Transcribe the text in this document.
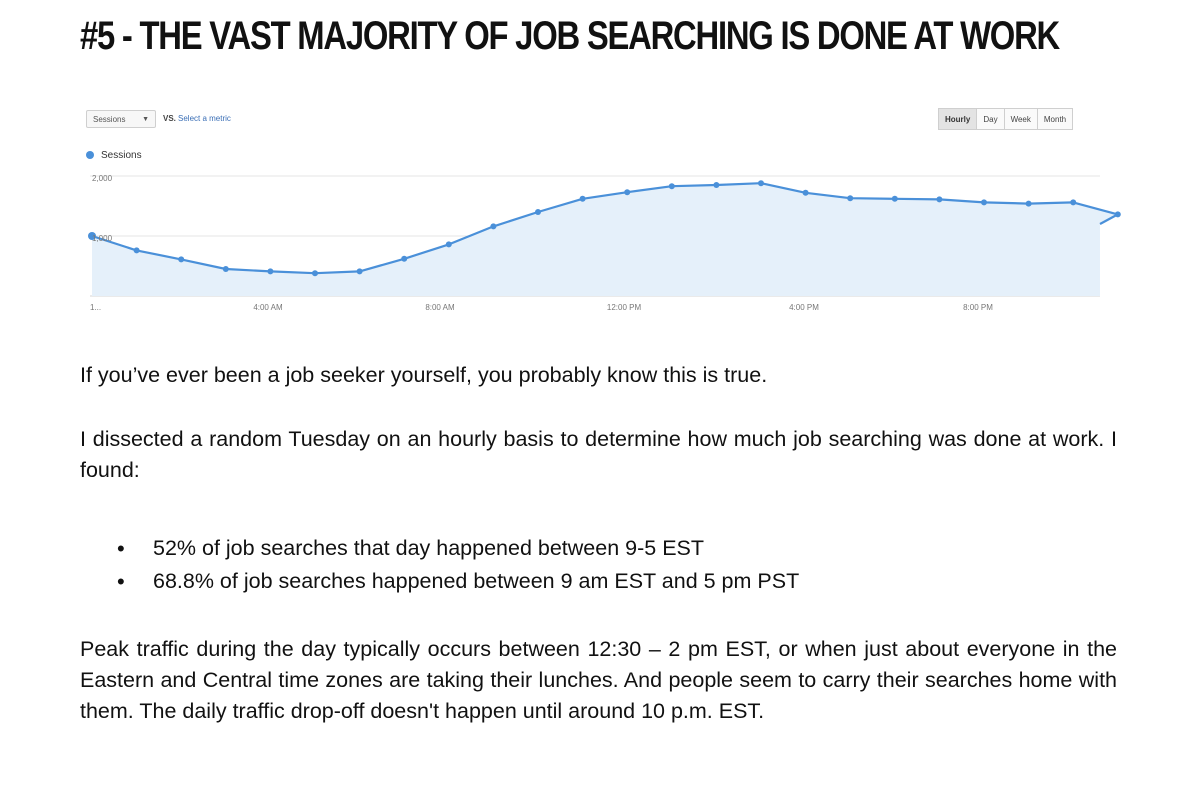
#5 - THE VAST MAJORITY OF JOB SEARCHING IS DONE AT WORK
Sessions ▼ VS. Select a metric	Hourly	Day	Week	Month
Sessions
2,000
1,000
1...	4:00 AM	8:00 AM	12:00 PM	4:00 PM	8:00 PM
If you’ve ever been a job seeker yourself, you probably know this is true.
I dissected a random Tuesday on an hourly basis to determine how much job searching was done at work. I found:
• 52% of job searches that day happened between 9-5 EST
• 68.8% of job searches happened between 9 am EST and 5 pm PST
Peak traffic during the day typically occurs between 12:30 – 2 pm EST, or when just about everyone in the Eastern and Central time zones are taking their lunches. And people seem to carry their searches home with them. The daily traffic drop-off doesn't happen until around 10 p.m. EST.
